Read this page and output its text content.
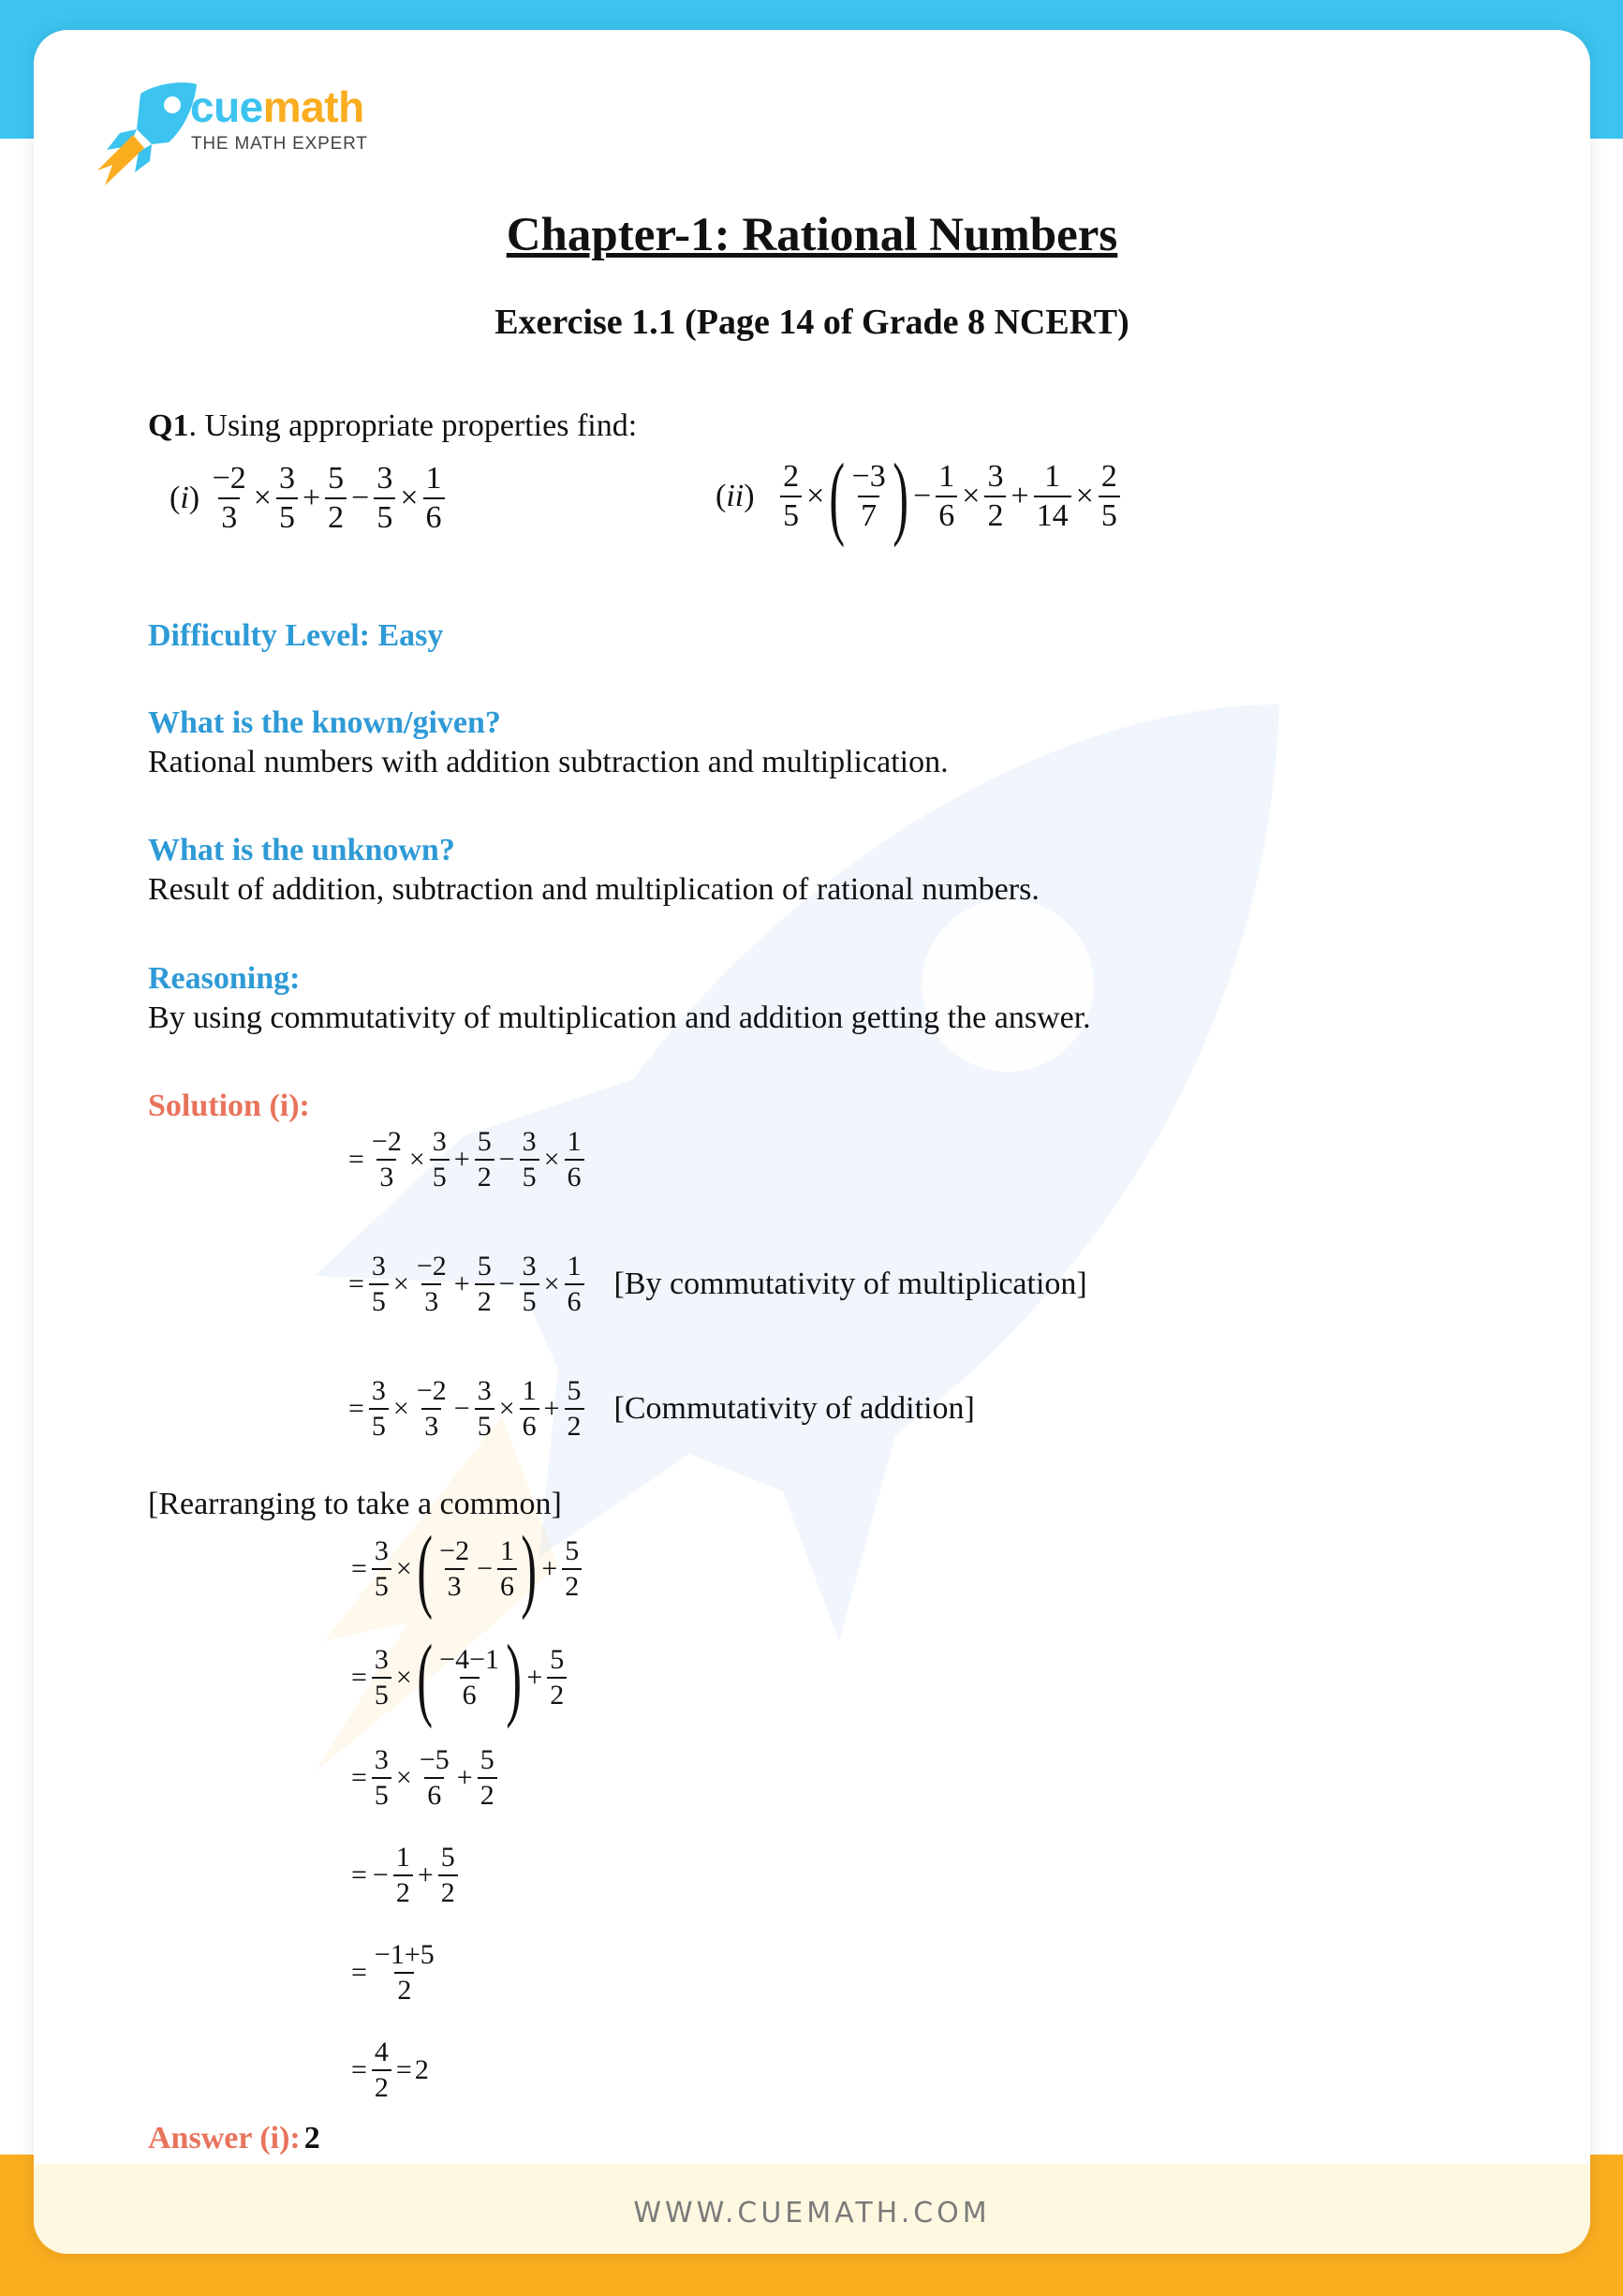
cuemath
THE MATH EXPERT
Chapter-1: Rational Numbers
Exercise 1.1 (Page 14 of Grade 8 NCERT)
Q1. Using appropriate properties find:
(i)
$\frac{-2}{3} \times \frac{3}{5} + \frac{5}{2} - \frac{3}{5} \times \frac{1}{6}$	(ii)
$\frac{2}{5}$ × ( $\frac{-3}{7}$ ) − $\frac{1}{6} \times \frac{3}{2} + \frac{1}{14} \times \frac{2}{5}$
Difficulty Level: Easy
What is the known/given?
Rational numbers with addition subtraction and multiplication.
What is the unknown?
Result of addition, subtraction and multiplication of rational numbers.
Reasoning:
By using commutativity of multiplication and addition getting the answer.
Solution (i):
= $\frac{-2}{3} \times \frac{3}{5} + \frac{5}{2} - \frac{3}{5} \times \frac{1}{6}$
= $\frac{3}{5} \times \frac{-2}{3} + \frac{5}{2} - \frac{3}{5} \times \frac{1}{6} [By$ commutativity of multiplication]
= $\frac{3}{5} \times \frac{-2}{3} - \frac{3}{5} \times \frac{1}{6} + \frac{5}{2}$ [Commutativity of addition]
[Rearranging to take a common]
= $\frac{3}{5}$ × ( $\frac{-2}{3} - \frac{1}{6}$ ) + $\frac{5}{2}$
= $\frac{3}{5}$ × ( $\frac{-4-1}{6}$ ) + $\frac{5}{2}$
= $\frac{3}{5} \times \frac{-5}{6} + \frac{5}{2}$
= − $\frac{1}{2} + \frac{5}{2}$
= $\frac{-1+5}{2}$
= $\frac{4}{2} = 2$
Answer (i): 2
WWW.CUEMATH.COM
